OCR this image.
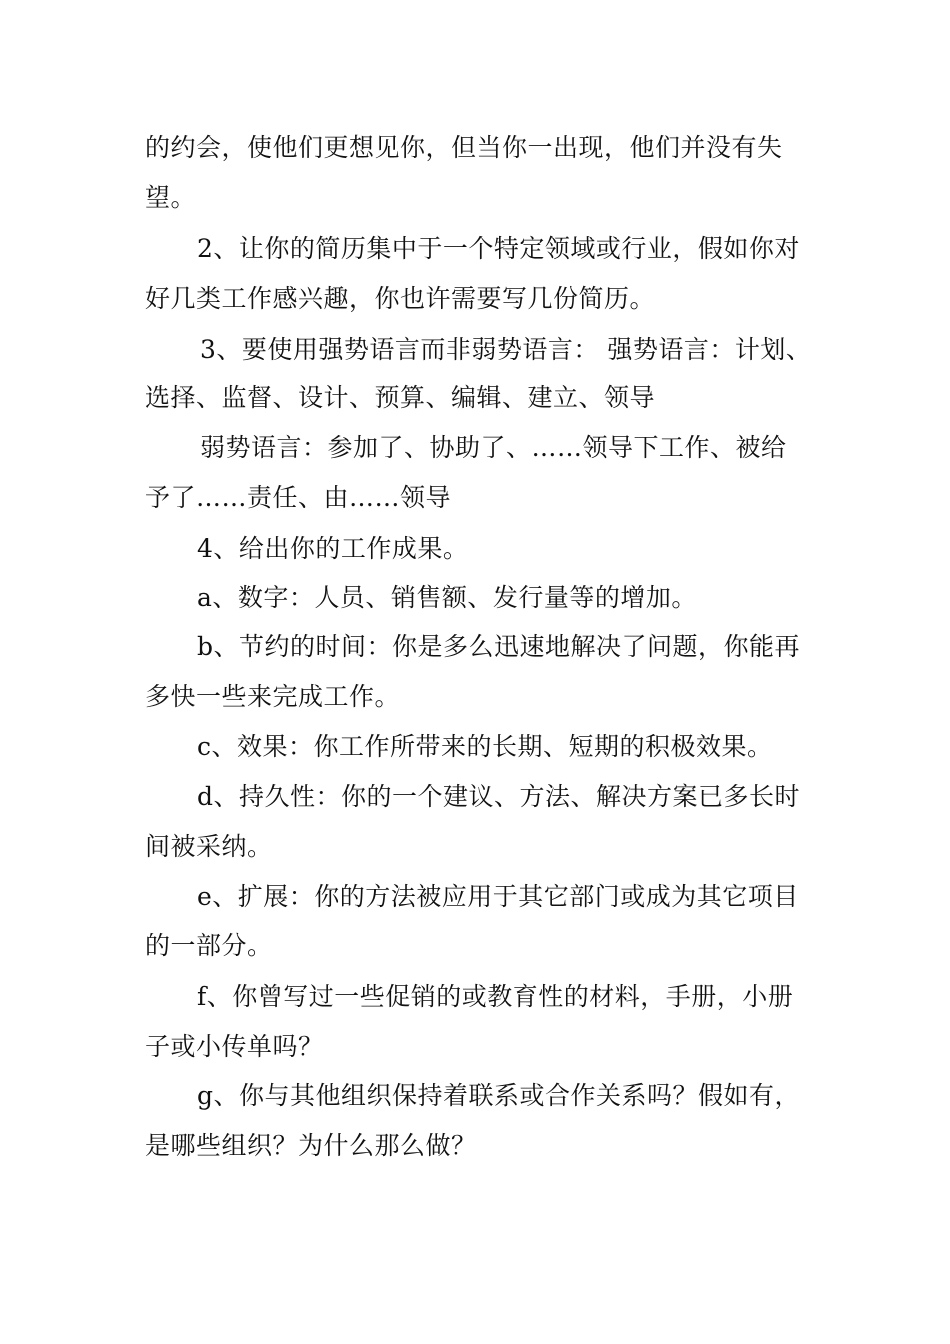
的约会，使他们更想见你，但当你一出现，他们并没有失

望。

2、让你的简历集中于一个特定领域或行业，假如你对

好几类工作感兴趣，你也许需要写几份简历。

3、要使用强势语言而非弱势语言： 强势语言：计划、

选择、监督、设计、预算、编辑、建立、领导

弱势语言：参加了、协助了、……领导下工作、被给

予了……责任、由……领导

4、给出你的工作成果。

a、数字：人员、销售额、发行量等的增加。

b、节约的时间：你是多么迅速地解决了问题，你能再

多快一些来完成工作。

c、效果：你工作所带来的长期、短期的积极效果。

d、持久性：你的一个建议、方法、解决方案已多长时

间被采纳。

e、扩展：你的方法被应用于其它部门或成为其它项目

的一部分。

f、你曾写过一些促销的或教育性的材料，手册，小册

子或小传单吗？

g、你与其他组织保持着联系或合作关系吗？假如有，

是哪些组织？为什么那么做？
